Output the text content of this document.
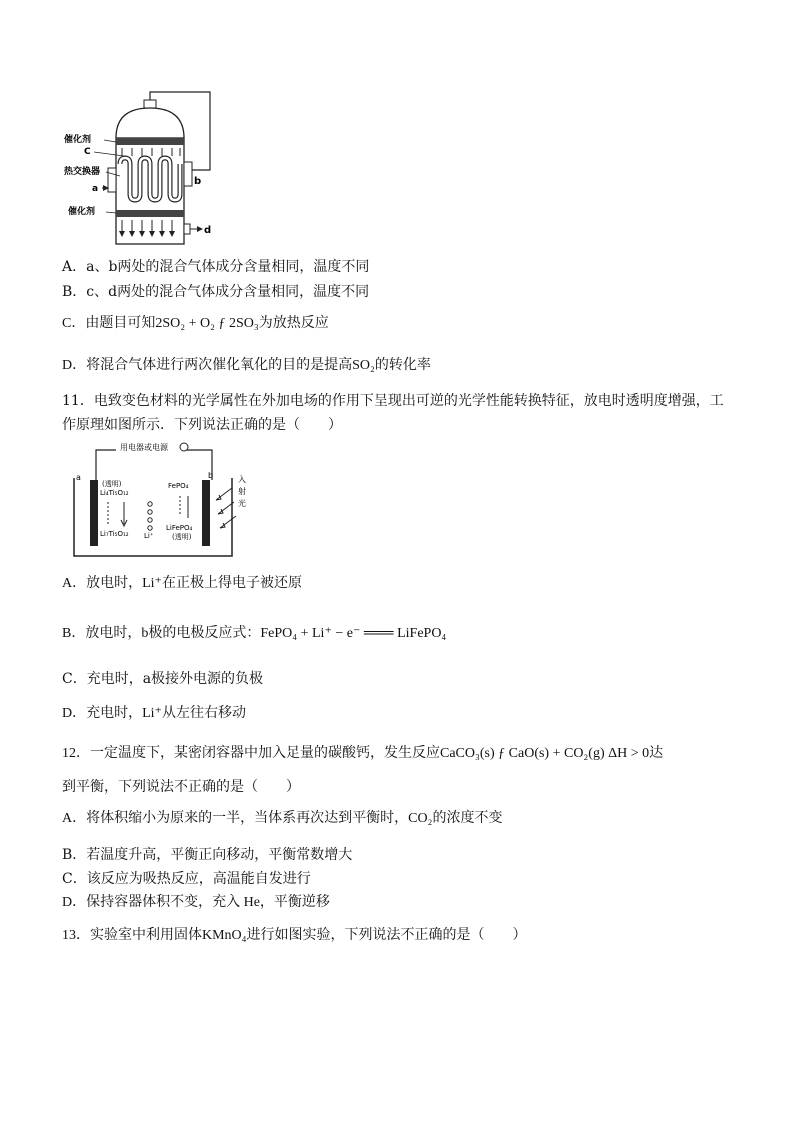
催化剂
C
热交换器
a
催化剂
b
d
A．a、b两处的混合气体成分含量相同，温度不同
B．c、d两处的混合气体成分含量相同，温度不同
C．由题目可知2SO₂ + O₂ ƒ 2SO₃为放热反应
D．将混合气体进行两次催化氧化的目的是提高SO₂的转化率
11．电致变色材料的光学属性在外加电场的作用下呈现出可逆的光学性能转换特征，放电时透明度增强，工
作原理如图所示．下列说法正确的是（　　）
用电器或电源
a	b
(透明)
Li₄Ti₅O₁₂
Li₇Ti₅O₁₂ Li⁺
FePO₄
LiFePO₄
(透明)
入
射
光
A．放电时，Li⁺在正极上得电子被还原
B．放电时，b极的电极反应式：FePO₄ + Li⁺ − e⁻ ═══ LiFePO₄
C．充电时，a极接外电源的负极
D．充电时，Li⁺从左往右移动
12．一定温度下，某密闭容器中加入足量的碳酸钙，发生反应CaCO₃(s) ƒ CaO(s) + CO₂(g) ΔH > 0达
到平衡，下列说法不正确的是（　　）
A．将体积缩小为原来的一半，当体系再次达到平衡时，CO₂的浓度不变
B．若温度升高，平衡正向移动，平衡常数增大
C．该反应为吸热反应，高温能自发进行
D．保持容器体积不变，充入 He，平衡逆移
13．实验室中利用固体KMnO₄进行如图实验，下列说法不正确的是（　　）
